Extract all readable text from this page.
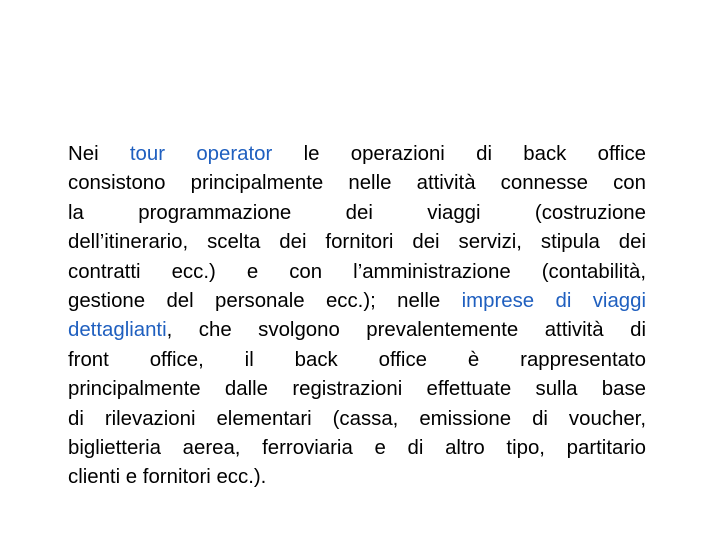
Nei tour operator le operazioni di back office
consistono principalmente nelle attività connesse con
la programmazione dei viaggi (costruzione
dell’itinerario, scelta dei fornitori dei servizi, stipula dei
contratti ecc.) e con l’amministrazione (contabilità,
gestione del personale ecc.); nelle imprese di viaggi
dettaglianti, che svolgono prevalentemente attività di
front office, il back office è rappresentato
principalmente dalle registrazioni effettuate sulla base
di rilevazioni elementari (cassa, emissione di voucher,
biglietteria aerea, ferroviaria e di altro tipo, partitario
clienti e fornitori ecc.).
